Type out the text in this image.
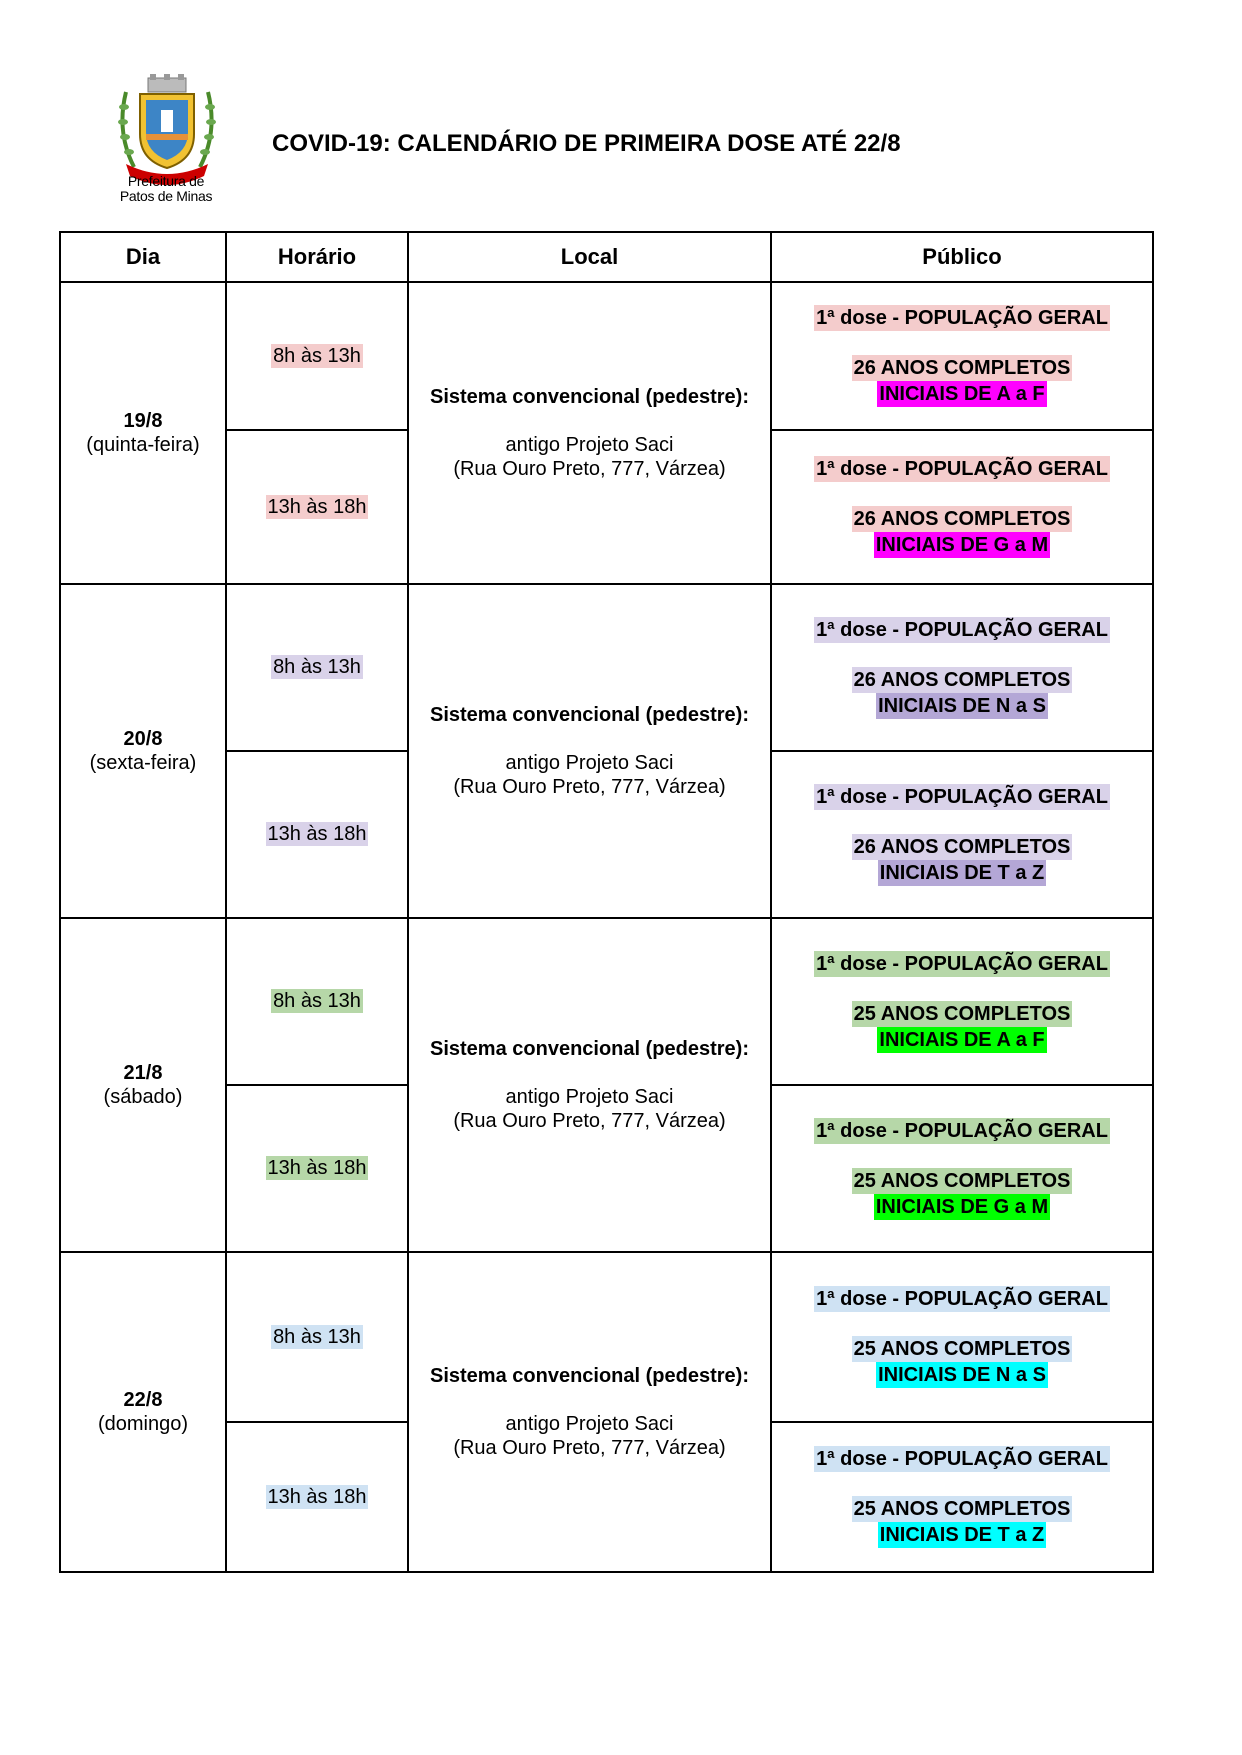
Prefeitura de
Patos de Minas
COVID-19: CALENDÁRIO DE PRIMEIRA DOSE ATÉ 22/8
Dia	Horário	Local	Público

19/8
(quinta-feira)	8h às 13h	Sistema convencional (pedestre):
antigo Projeto Saci
(Rua Ouro Preto, 777, Várzea)	1ª dose - POPULAÇÃO GERAL
26 ANOS COMPLETOS
INICIAIS DE A a F
	13h às 18h		1ª dose - POPULAÇÃO GERAL
26 ANOS COMPLETOS
INICIAIS DE G a M

20/8
(sexta-feira)	8h às 13h	Sistema convencional (pedestre):
antigo Projeto Saci
(Rua Ouro Preto, 777, Várzea)	1ª dose - POPULAÇÃO GERAL
26 ANOS COMPLETOS
INICIAIS DE N a S
	13h às 18h		1ª dose - POPULAÇÃO GERAL
26 ANOS COMPLETOS
INICIAIS DE T a Z

21/8
(sábado)	8h às 13h	Sistema convencional (pedestre):
antigo Projeto Saci
(Rua Ouro Preto, 777, Várzea)	1ª dose - POPULAÇÃO GERAL
25 ANOS COMPLETOS
INICIAIS DE A a F
	13h às 18h		1ª dose - POPULAÇÃO GERAL
25 ANOS COMPLETOS
INICIAIS DE G a M

22/8
(domingo)	8h às 13h	Sistema convencional (pedestre):
antigo Projeto Saci
(Rua Ouro Preto, 777, Várzea)	1ª dose - POPULAÇÃO GERAL
25 ANOS COMPLETOS
INICIAIS DE N a S
	13h às 18h		1ª dose - POPULAÇÃO GERAL
25 ANOS COMPLETOS
INICIAIS DE T a Z
